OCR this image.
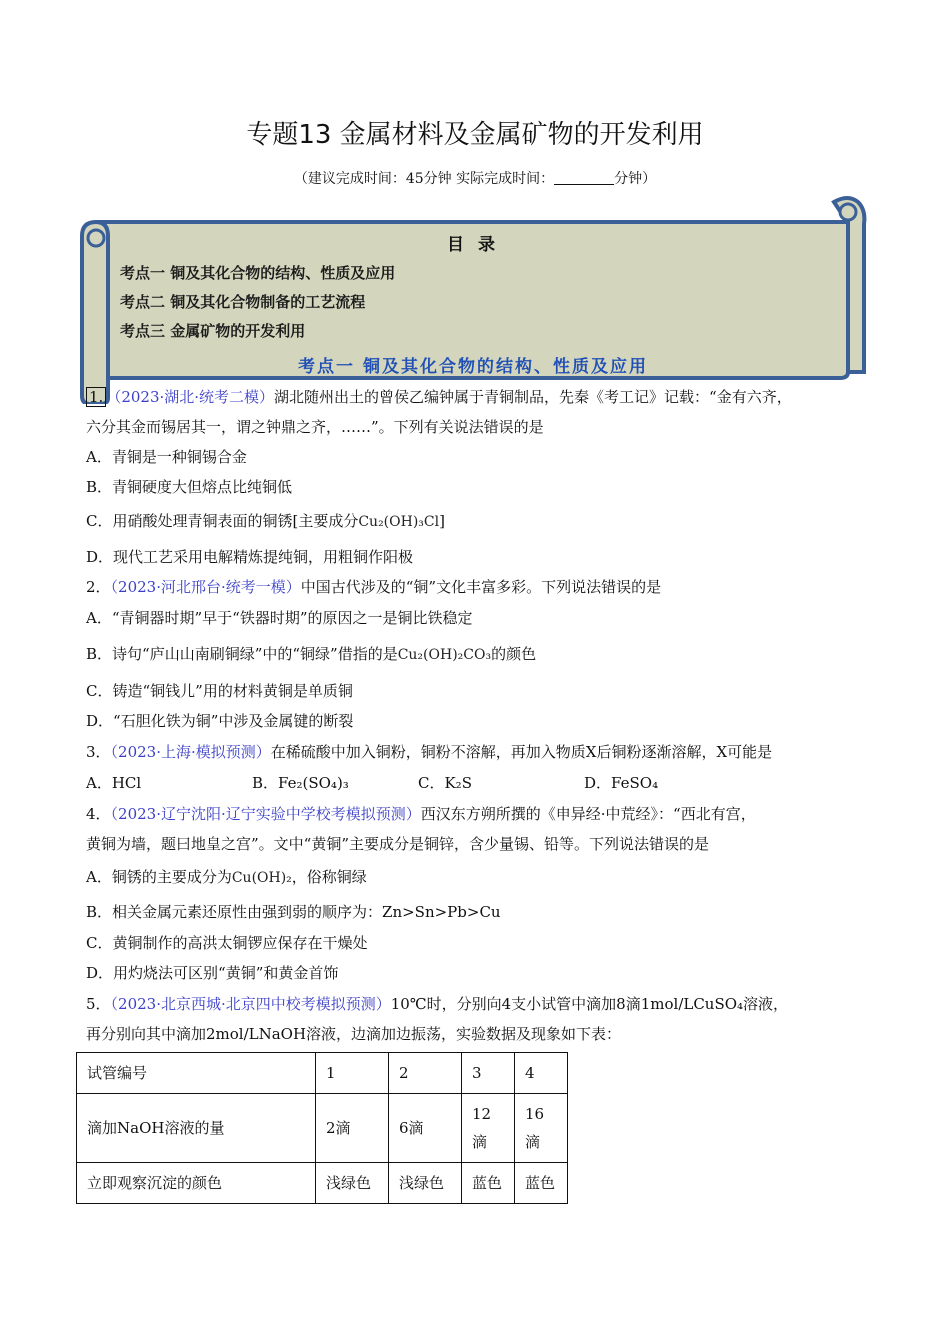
专题13 金属材料及金属矿物的开发利用
（建议完成时间：45分钟 实际完成时间：	分钟）
目 录
考点一 铜及其化合物的结构、性质及应用
考点二 铜及其化合物制备的工艺流程
考点三 金属矿物的开发利用
考点一 铜及其化合物的结构、性质及应用
1. （2023·湖北·统考二模）湖北随州出土的曾侯乙编钟属于青铜制品，先秦《考工记》记载：“金有六齐，
六分其金而锡居其一，谓之钟鼎之齐，……”。下列有关说法错误的是
A．青铜是一种铜锡合金
B．青铜硬度大但熔点比纯铜低
C．用硝酸处理青铜表面的铜锈[主要成分Cu₂(OH)₃Cl]
D．现代工艺采用电解精炼提纯铜，用粗铜作阳极
2．（2023·河北邢台·统考一模）中国古代涉及的“铜”文化丰富多彩。下列说法错误的是
A．“青铜器时期”早于“铁器时期”的原因之一是铜比铁稳定
B．诗句“庐山山南刷铜绿”中的“铜绿”借指的是Cu₂(OH)₂CO₃的颜色
C．铸造“铜钱儿”用的材料黄铜是单质铜
D．“石胆化铁为铜”中涉及金属键的断裂
3．（2023·上海·模拟预测）在稀硫酸中加入铜粉，铜粉不溶解，再加入物质X后铜粉逐渐溶解，X可能是
A．HCl	B．Fe₂(SO₄)₃	C．K₂S	D．FeSO₄
4．（2023·辽宁沈阳·辽宁实验中学校考模拟预测）西汉东方朔所撰的《申异经·中荒经》：“西北有宫，
黄铜为墙，题曰地皇之宫”。文中“黄铜”主要成分是铜锌，含少量锡、铅等。下列说法错误的是
A．铜锈的主要成分为Cu(OH)₂，俗称铜绿
B．相关金属元素还原性由强到弱的顺序为：Zn>Sn>Pb>Cu
C．黄铜制作的高洪太铜锣应保存在干燥处
D．用灼烧法可区别“黄铜”和黄金首饰
5．（2023·北京西城·北京四中校考模拟预测）10℃时，分别向4支小试管中滴加8滴1mol/LCuSO₄溶液，
再分别向其中滴加2mol/LNaOH溶液，边滴加边振荡，实验数据及现象如下表：
试管编号	1	2	3	4
滴加NaOH溶液的量	2滴	6滴	12滴	16滴
立即观察沉淀的颜色	浅绿色	浅绿色	蓝色	蓝色
